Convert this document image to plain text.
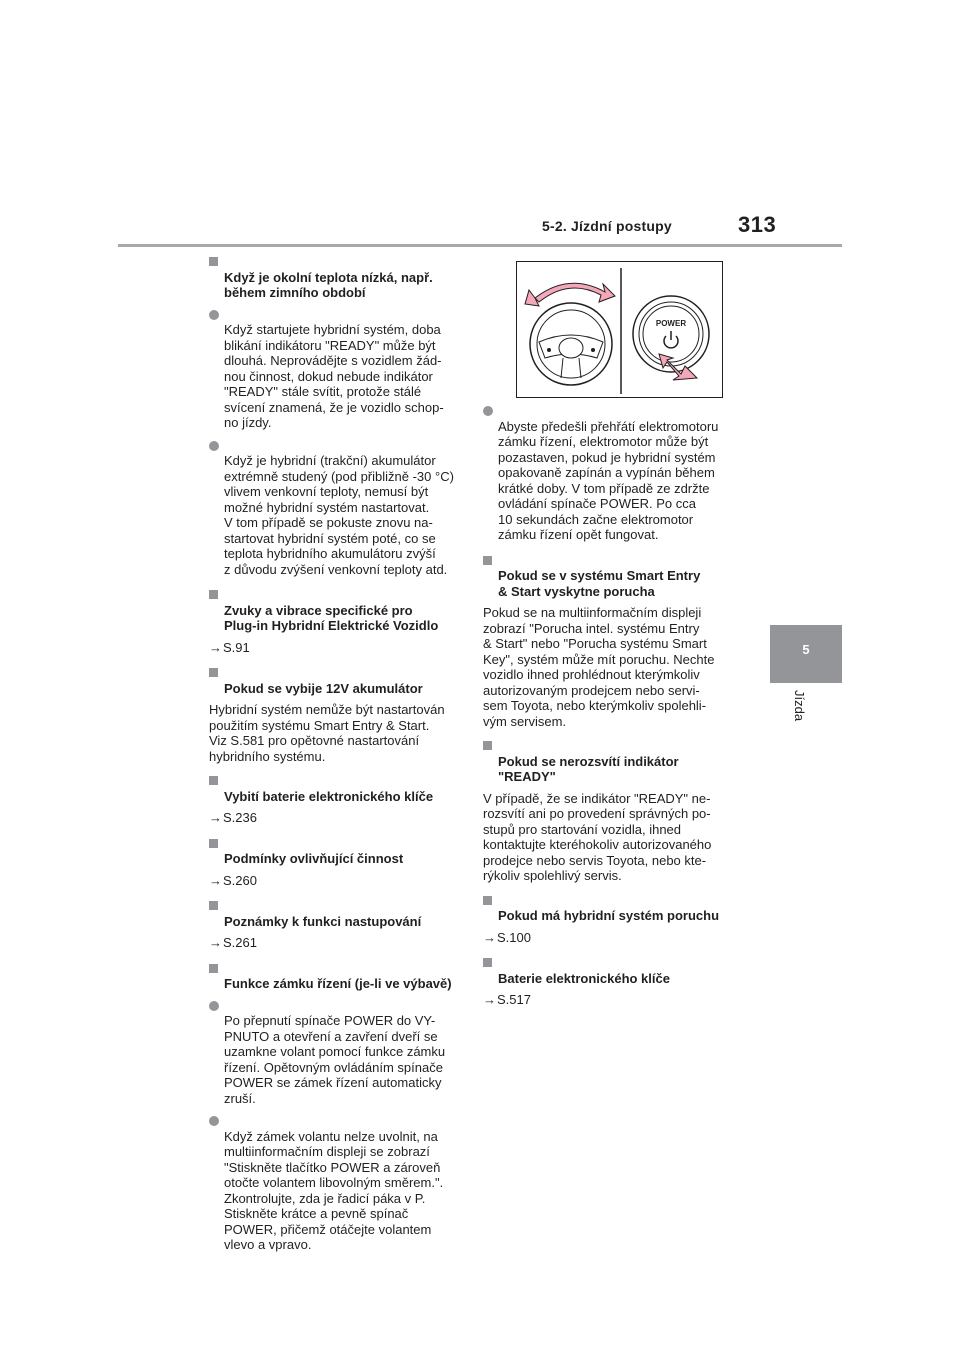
5-2. Jízdní postupy	313
5
Jízda

Když je okolní teplota nízká, např.
během zimního období

Když startujete hybridní systém, doba
blikání indikátoru "READY" může být
dlouhá. Neprovádějte s vozidlem žád-
nou činnost, dokud nebude indikátor
"READY" stále svítit, protože stálé
svícení znamená, že je vozidlo schop-
no jízdy.

Když je hybridní (trakční) akumulátor
extrémně studený (pod přibližně -30 °C)
vlivem venkovní teploty, nemusí být
možné hybridní systém nastartovat.
V tom případě se pokuste znovu na-
startovat hybridní systém poté, co se
teplota hybridního akumulátoru zvýší
z důvodu zvýšení venkovní teploty atd.

Zvuky a vibrace specifické pro
Plug-in Hybridní Elektrické Vozidlo

→S.91

Pokud se vybije 12V akumulátor

Hybridní systém nemůže být nastartován
použitím systému Smart Entry & Start.
Viz S.581 pro opětovné nastartování
hybridního systému.

Vybití baterie elektronického klíče

→S.236

Podmínky ovlivňující činnost

→S.260

Poznámky k funkci nastupování

→S.261

Funkce zámku řízení (je-li ve výbavě)

Po přepnutí spínače POWER do VY-
PNUTO a otevření a zavření dveří se
uzamkne volant pomocí funkce zámku
řízení. Opětovným ovládáním spínače
POWER se zámek řízení automaticky
zruší.

Když zámek volantu nelze uvolnit, na
multiinformačním displeji se zobrazí
"Stiskněte tlačítko POWER a zároveň
otočte volantem libovolným směrem.".
Zkontrolujte, zda je řadicí páka v P.
Stiskněte krátce a pevně spínač
POWER, přičemž otáčejte volantem
vlevo a vpravo.

POWER

Abyste předešli přehřátí elektromotoru
zámku řízení, elektromotor může být
pozastaven, pokud je hybridní systém
opakovaně zapínán a vypínán během
krátké doby. V tom případě ze zdržte
ovládání spínače POWER. Po cca
10 sekundách začne elektromotor
zámku řízení opět fungovat.

Pokud se v systému Smart Entry
& Start vyskytne porucha

Pokud se na multiinformačním displeji
zobrazí "Porucha intel. systému Entry
& Start" nebo "Porucha systému Smart
Key", systém může mít poruchu. Nechte
vozidlo ihned prohlédnout kterýmkoliv
autorizovaným prodejcem nebo servi-
sem Toyota, nebo kterýmkoliv spolehli-
vým servisem.

Pokud se nerozsvítí indikátor
"READY"

V případě, že se indikátor "READY" ne-
rozsvítí ani po provedení správných po-
stupů pro startování vozidla, ihned
kontaktujte kteréhokoliv autorizovaného
prodejce nebo servis Toyota, nebo kte-
rýkoliv spolehlivý servis.

Pokud má hybridní systém poruchu

→S.100

Baterie elektronického klíče

→S.517
